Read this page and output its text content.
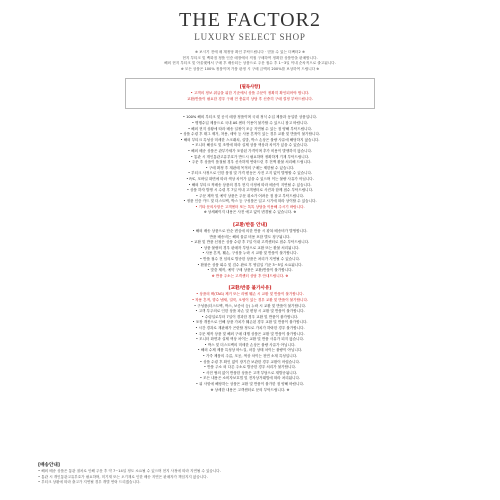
THE FACTOR2
LUXURY SELECT SHOP
※ 보시기 전에 매 계정당 확인 부탁드립니다 · 믿을 수 있는 더팩터2 ※
현지 부티크 및 백화점 정품 인증 매장에서 직접 구매하여 정확한 상품만을 판매합니다.
해외 현지 부티크 및 아울렛에서 구매 후 배송되는 상품으로 주문 접수 후 1~3일 이내 순차적으로 출고됩니다.
※ 모든 상품은 100% 정품이며 가품 판정 시 구매 금액의 200%를 보상하여 드립니다 ※
[필독사항]
• 고객의 정보 취급을 위한 기준에서 상품 주문이 정확히 확인되어야 합니다.
교환/반품이 필요한 경우 구매 전 충분히 상담 후 신중히 구매 결정 부탁드립니다.
• 100% 해외 부티크 및 공식 매장 정품이며 국내 정식 수입 제품과 동일한 상품입니다.
• 병행수입 제품으로 국내 AS 센터 이용이 불가할 수 있으니 참고 바랍니다.
• 해외 현지 상황에 따라 배송 일정이 조금 지연될 수 있는 점 양해 부탁드립니다.
• 상품 수령 후 태그 제거, 착용, 세탁 등 사용 흔적이 있는 경우 교환 및 반품이 불가합니다.
• 해외 부티크 특성상 미세한 스크래치, 실밥, 박스 손상은 불량 사유에 해당하지 않습니다.
• 모니터 해상도 및 조명에 따라 실제 상품 색상과 차이가 있을 수 있습니다.
• 해외 배송 상품은 관부가세가 포함된 가격이며 추가 비용이 발생하지 않습니다.
• 통관 시 개인통관고유부호가 반드시 필요하며 정확하게 기재 부탁드립니다.
• 주문 후 상품이 품절될 경우 신속하게 연락드린 후 전액 환불 처리해 드립니다.
• 구매 확정 후 재판매 목적의 구매는 제한될 수 있습니다.
• 부티크 사정으로 인한 품절 및 가격 변동은 사전 고지 없이 발생할 수 있습니다.
• P/C, 모바일 화면에 따라 색상 차이가 있을 수 있으며 이는 불량 사유가 아닙니다.
• 해외 부티크 직배송 상품의 경우 현지 사정에 따라 배송이 지연될 수 있습니다.
• 상품 하자 발생 시 수령 후 7일 이내 고객센터로 사진과 함께 접수 부탁드립니다.
• 주문 제작 및 예약 상품은 주문 취소가 어려운 점 참고 부탁드립니다.
• 정품 인증 카드 및 더스트백, 박스 등 구성품은 입고 시기에 따라 상이할 수 있습니다.
• 기타 문의사항은 고객센터 또는 톡톡 상담을 이용해 주시기 바랍니다.
※ 상세페이지 내용은 사전 예고 없이 변경될 수 있습니다. ※
[교환/반품 안내]
• 해외 배송 상품으로 단순 변심에 의한 반품 시 왕복 배송비가 발생합니다.
반품 배송비는 해외 물류 비용 포함 별도 청구됩니다.
• 교환 및 반품 신청은 상품 수령 후 7일 이내 고객센터로 접수 부탁드립니다.
• 상품 불량의 경우 판매자 부담으로 교환 또는 환불 처리됩니다.
• 사용 흔적, 훼손, 구성품 누락 시 교환 및 반품이 불가합니다.
• 반품 접수 전 임의로 발송한 상품은 처리가 지연될 수 있습니다.
• 환불은 상품 회수 및 검수 완료 후 영업일 기준 3~5일 소요됩니다.
• 맞춤 제작, 예약 구매 상품은 교환/반품이 불가합니다.
※ 반품 주소는 고객센터 상담 후 안내드립니다. ※
[교환/반품 불가사유]
• 상품의 택(TAG) 제거 또는 라벨 훼손 시 교환 및 반품이 불가합니다.
• 착용 흔적, 향수 냄새, 얼룩, 오염이 있는 경우 교환 및 반품이 불가합니다.
• 구성품(더스트백, 박스, 보증서 등) 누락 시 교환 및 반품이 불가합니다.
• 고객 부주의로 인한 상품 파손 및 변형 시 교환 및 반품이 불가합니다.
• 수령일로부터 7일이 경과한 경우 교환 및 반품이 불가합니다.
• 포장 개봉으로 인해 상품 가치가 훼손된 경우 교환 및 반품이 불가합니다.
• 시간 경과로 재판매가 곤란할 정도로 가치가 하락한 경우 불가합니다.
• 주문 제작 상품 및 해외 구매 대행 상품은 교환 및 반품이 불가합니다.
• 모니터 화면과 실제 색상 차이는 교환 및 반품 사유가 되지 않습니다.
• 박스 및 더스트백의 미세한 손상은 불량 사유가 아닙니다.
• 해외 수제 제품 특성상 바느질, 마감 상태 차이는 불량이 아닙니다.
• 가죽 제품의 주름, 모공, 색상 차이는 천연 소재 특성입니다.
• 상품 수령 후 확인 없이 장기간 보관한 경우 교환이 어렵습니다.
• 반품 주소 외 다른 주소로 발송한 경우 처리가 불가합니다.
• 사전 협의 없이 반품한 상품은 고객 부담으로 재발송됩니다.
• 모든 내용은 소비자보호법 및 전자상거래법에 따라 처리됩니다.
• 위 사항에 해당하는 상품은 교환 및 반품이 불가한 점 양해 바랍니다.
※ 상세한 내용은 고객센터로 문의 부탁드립니다. ※
[배송안내]
• 해외 배송 상품은 통관 절차로 인해 주문 후 약 7~14일 정도 소요될 수 있으며 현지 사정에 따라 지연될 수 있습니다.
• 통관 시 개인통관고유부호가 필요하며, 미기재 또는 오기재로 인한 배송 지연은 판매자가 책임지지 않습니다.
• 부티크 상황에 따라 출고가 지연될 경우 개별 연락 드리겠습니다.
